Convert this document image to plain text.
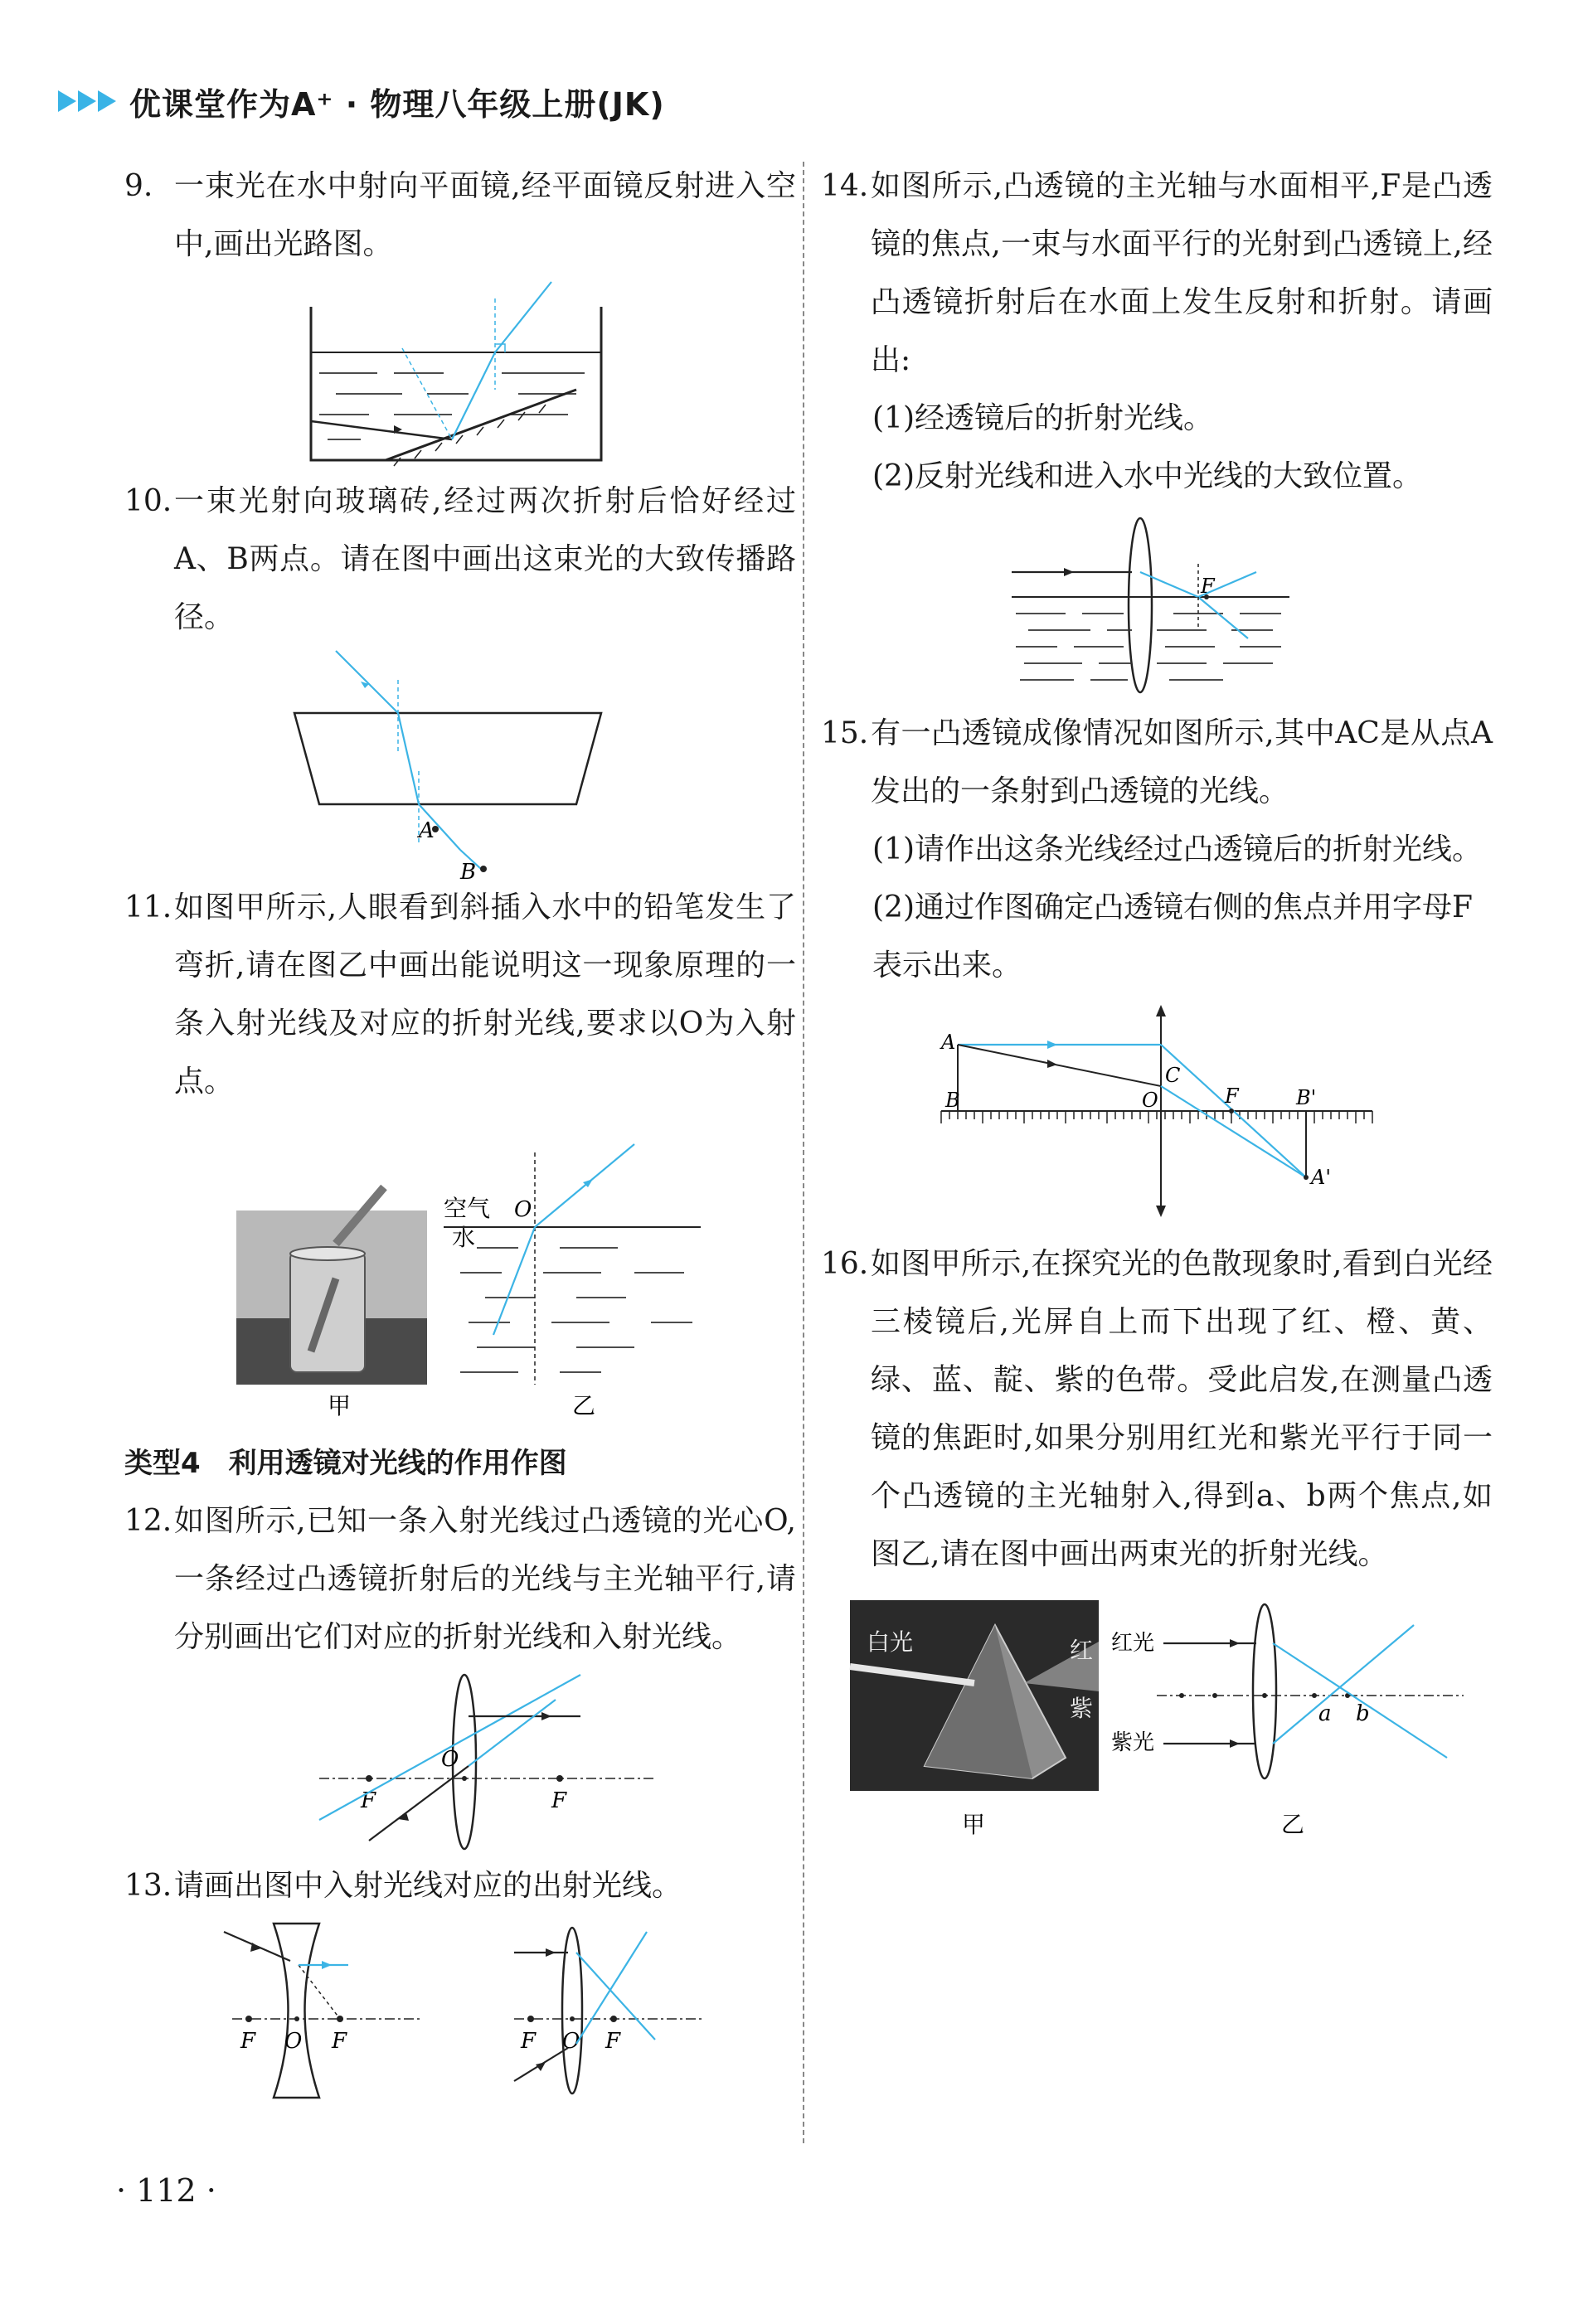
优课堂作为A⁺ · 物理八年级上册(JK)
9. 一束光在水中射向平面镜,经平面镜反射进入空中,画出光路图。
10. 一束光射向玻璃砖,经过两次折射后恰好经过A、B两点。请在图中画出这束光的大致传播路径。
A
B
11. 如图甲所示,人眼看到斜插入水中的铅笔发生了弯折,请在图乙中画出能说明这一现象原理的一条入射光线及对应的折射光线,要求以O为入射点。
甲
空气
水
O
乙
类型4　利用透镜对光线的作用作图
12. 如图所示,已知一条入射光线过凸透镜的光心O,一条经过凸透镜折射后的光线与主光轴平行,请分别画出它们对应的折射光线和入射光线。
F	F
O
13. 请画出图中入射光线对应的出射光线。
F O F	F O F
14. 如图所示,凸透镜的主光轴与水面相平,F是凸透镜的焦点,一束与水面平行的光射到凸透镜上,经凸透镜折射后在水面上发生反射和折射。请画出:
(1)经透镜后的折射光线。
(2)反射光线和进入水中光线的大致位置。
F
15. 有一凸透镜成像情况如图所示,其中AC是从点A发出的一条射到凸透镜的光线。
(1)请作出这条光线经过凸透镜后的折射光线。
(2)通过作图确定凸透镜右侧的焦点并用字母F表示出来。
A
B
C
O	F	B'
A'
16. 如图甲所示,在探究光的色散现象时,看到白光经三棱镜后,光屏自上而下出现了红、橙、黄、绿、蓝、靛、紫的色带。受此启发,在测量凸透镜的焦距时,如果分别用红光和紫光平行于同一个凸透镜的主光轴射入,得到a、b两个焦点,如图乙,请在图中画出两束光的折射光线。
白光	红
紫
甲
红光
紫光
a b
乙
· 112 ·
